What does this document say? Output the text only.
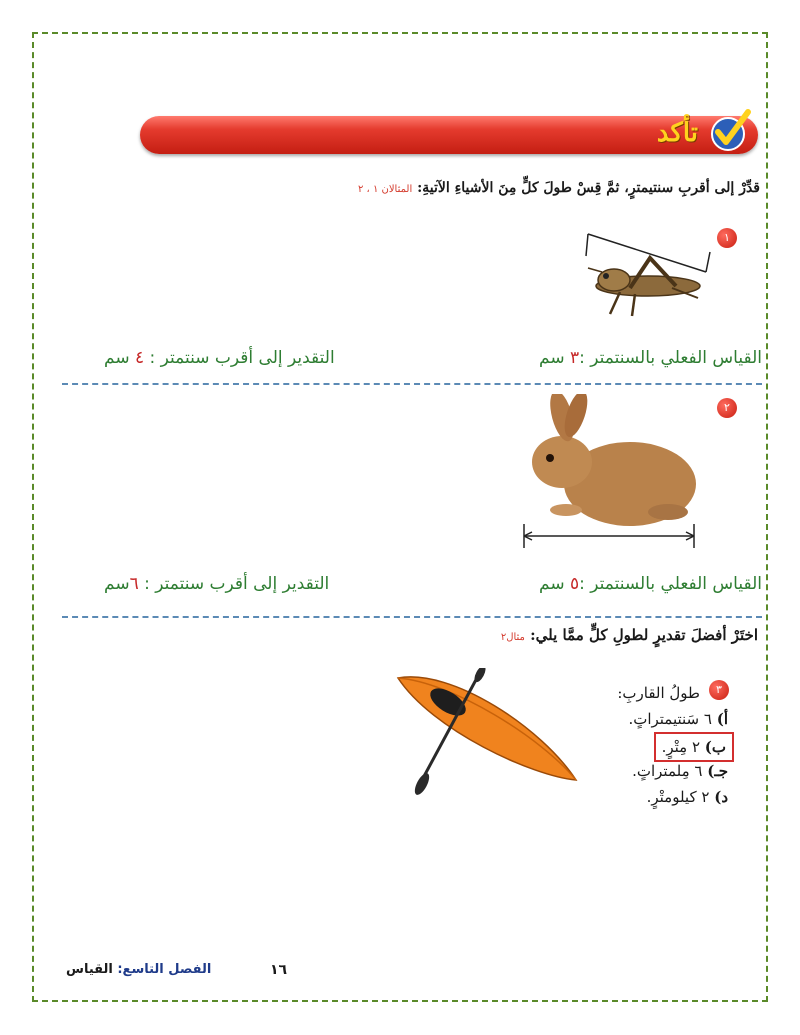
تأكد
قدِّرْ إلى أقربِ سنتيمترٍ، ثمَّ قِسْ طولَ كلٍّ مِنَ الأشياءِ الآتيةِ: المثالان ١ ، ٢
١
القياس الفعلي بالسنتمتر :٣ سم
التقدير إلى أقرب سنتمتر : ٤ سم
٢
القياس الفعلي بالسنتمتر :٥ سم
التقدير إلى أقرب سنتمتر : ٦سم
اختَرْ أفضلَ تقديرٍ لطولِ كلٍّ ممَّا يلي: مثال٢
٣
طولُ القاربِ:
أ) ٦ سَنتيمتراتٍ.
ب) ٢ مِتْرٍ.
جـ) ٦ مِلمتراتٍ.
د) ٢ كيلومتْرٍ.
الفصل التاسع: القياس	١٦
